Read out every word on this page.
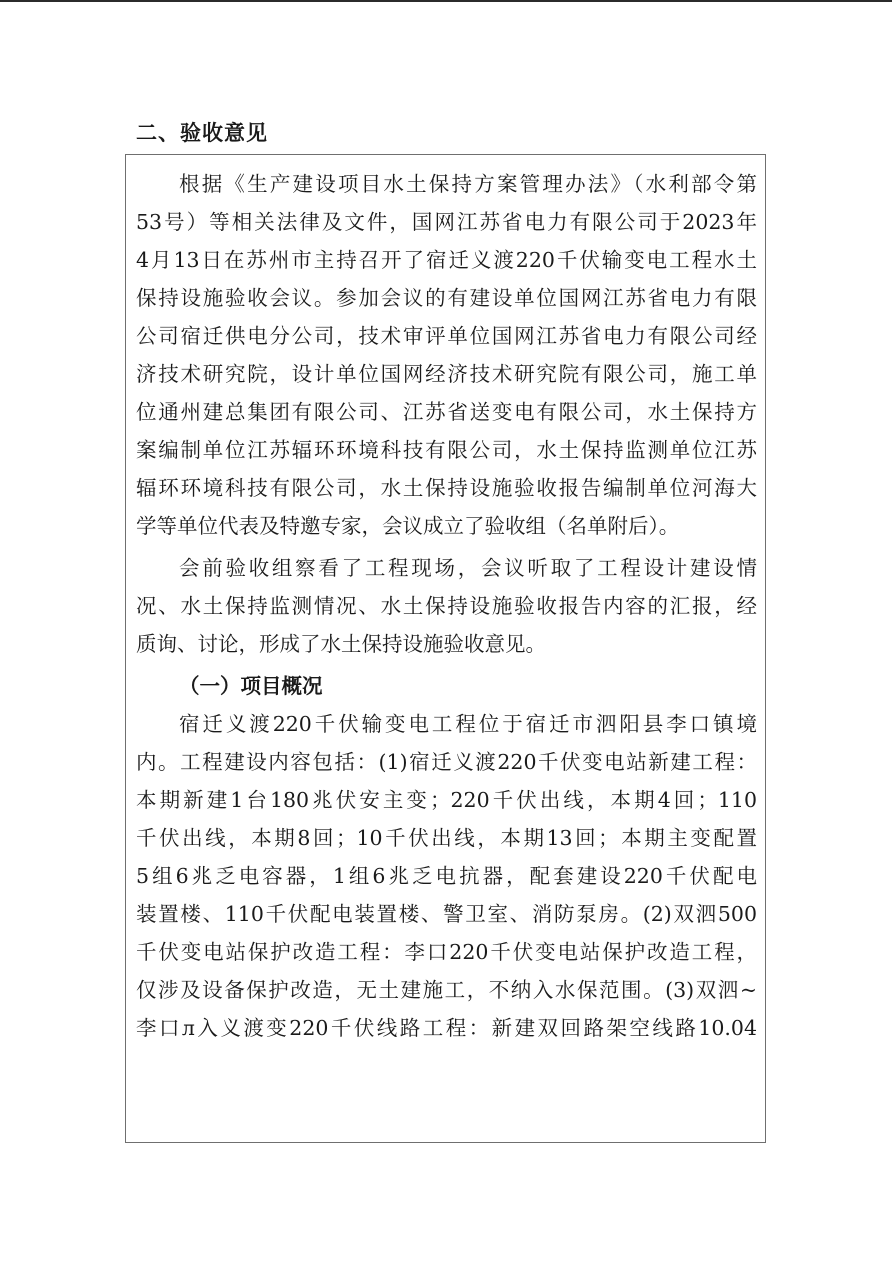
二、验收意见
根据《生产建设项目水土保持方案管理办法》（水利部令第
53号）等相关法律及文件，国网江苏省电力有限公司于2023年
4月13日在苏州市主持召开了宿迁义渡220千伏输变电工程水土
保持设施验收会议。参加会议的有建设单位国网江苏省电力有限
公司宿迁供电分公司，技术审评单位国网江苏省电力有限公司经
济技术研究院，设计单位国网经济技术研究院有限公司，施工单
位通州建总集团有限公司、江苏省送变电有限公司，水土保持方
案编制单位江苏辐环环境科技有限公司，水土保持监测单位江苏
辐环环境科技有限公司，水土保持设施验收报告编制单位河海大
学等单位代表及特邀专家，会议成立了验收组（名单附后）。
会前验收组察看了工程现场，会议听取了工程设计建设情
况、水土保持监测情况、水土保持设施验收报告内容的汇报，经
质询、讨论，形成了水土保持设施验收意见。
（一）项目概况
宿迁义渡220千伏输变电工程位于宿迁市泗阳县李口镇境
内。工程建设内容包括：(1)宿迁义渡220千伏变电站新建工程：
本期新建1台180兆伏安主变；220千伏出线，本期4回；110
千伏出线，本期8回；10千伏出线，本期13回；本期主变配置
5组6兆乏电容器，1组6兆乏电抗器，配套建设220千伏配电
装置楼、110千伏配电装置楼、警卫室、消防泵房。(2)双泗500
千伏变电站保护改造工程：李口220千伏变电站保护改造工程，
仅涉及设备保护改造，无土建施工，不纳入水保范围。(3)双泗~
李口л入义渡变220千伏线路工程：新建双回路架空线路10.04
